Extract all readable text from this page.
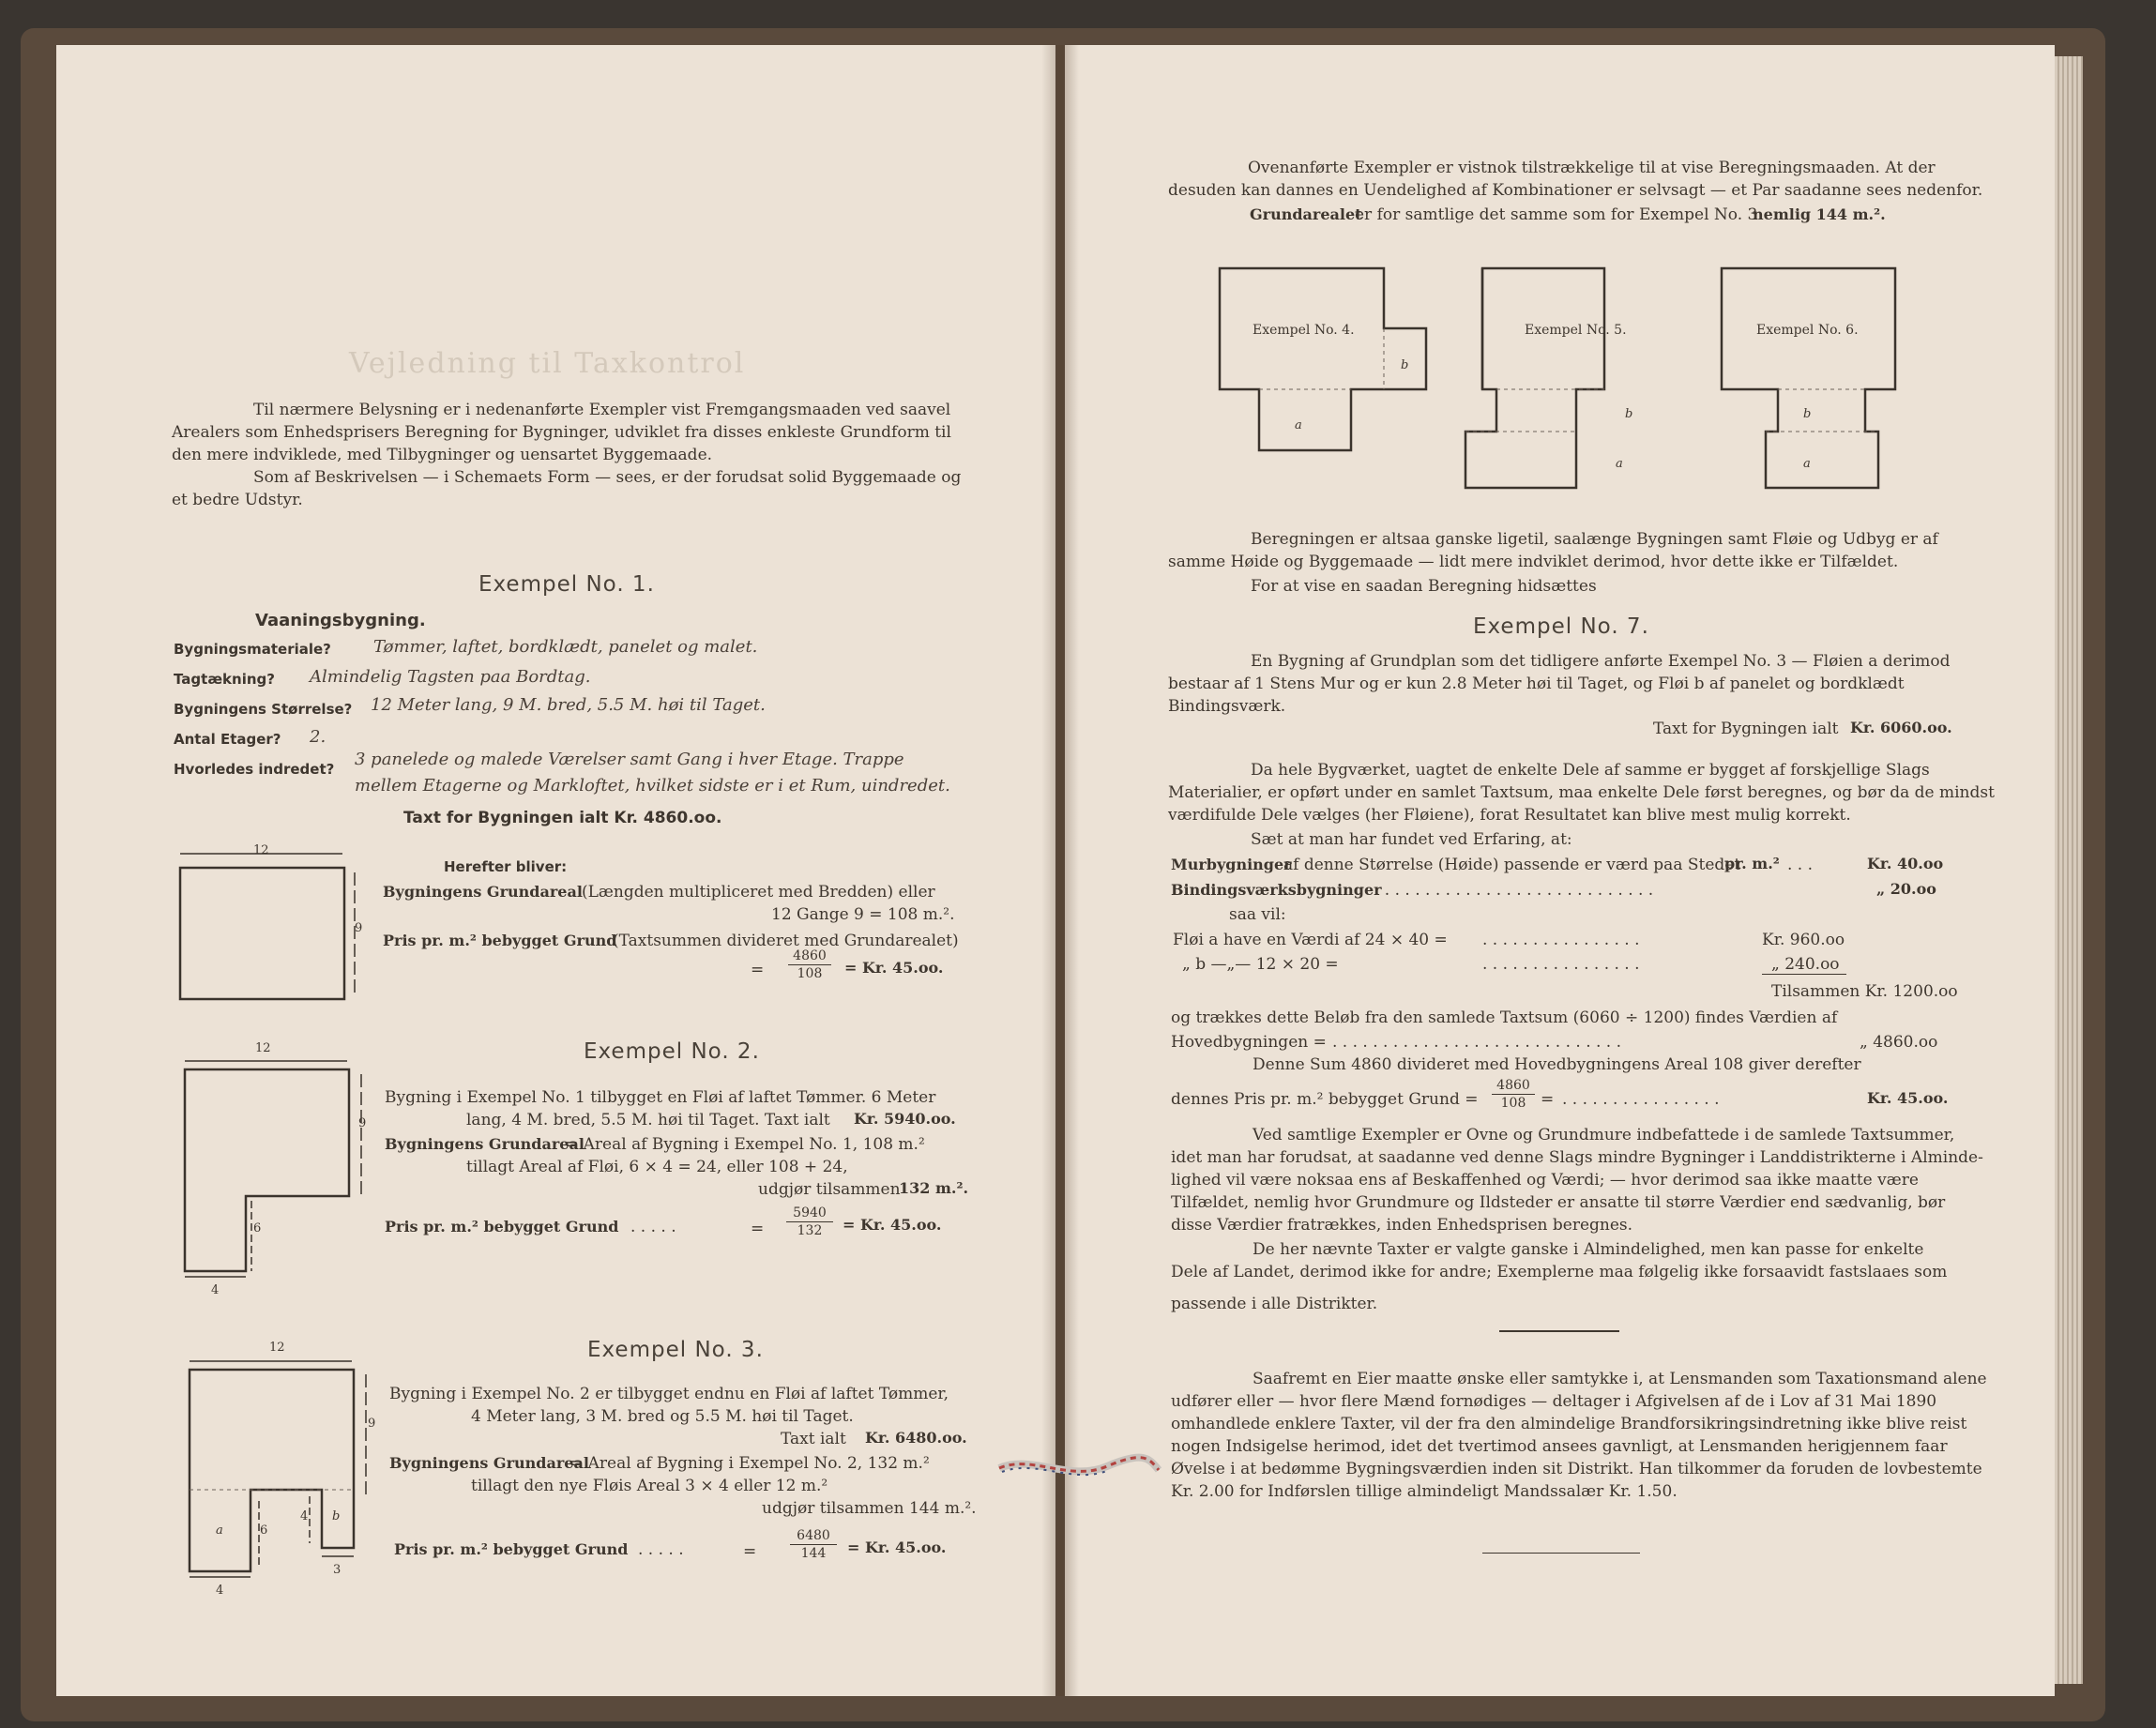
Vejledning til Taxkontrol
Til nærmere Belysning er i nedenanførte Exempler vist Fremgangsmaaden ved saavel
Arealers som Enhedsprisers Beregning for Bygninger, udviklet fra disses enkleste Grundform til
den mere indviklede, med Tilbygninger og uensartet Byggemaade.
Som af Beskrivelsen — i Schemaets Form — sees, er der forudsat solid Byggemaade og
et bedre Udstyr.
Exempel No. 1.
Vaaningsbygning.
Bygningsmateriale?	Tømmer, laftet, bordklædt, panelet og malet.
Tagtækning? Almindelig Tagsten paa Bordtag.
Bygningens Størrelse? 12 Meter lang, 9 M. bred, 5.5 M. høi til Taget.
Antal Etager? 2.
Hvorledes indredet? 3 panelede og malede Værelser samt Gang i hver Etage. Trappe
mellem Etagerne og Markloftet, hvilket sidste er i et Rum, uindredet.
Taxt for Bygningen ialt Kr. 4860.oo.
12
9
Herefter bliver:
Bygningens Grundareal (Længden multipliceret med Bredden) eller
12 Gange 9 = 108 m.².
Pris pr. m.² bebygget Grund
(Taxtsummen divideret med Grundarealet)
= $\frac{4860}{108} = Kr$. 45.oo.
Exempel No. 2.
12
9
6
4
Bygning i Exempel No. 1 tilbygget en Fløi af laftet Tømmer. 6 Meter
lang, 4 M. bred, 5.5 M. høi til Taget. Taxt ialt Kr. 5940.oo.
Bygningens Grundareal
= Areal af Bygning i Exempel No. 1, 108 m.²
tillagt Areal af Fløi, 6 × 4 = 24, eller 108 + 24,
udgjør tilsammen
132 m.².
Pris pr. m.² bebygget Grund . . . . .	= $\frac{5940}{132} = Kr$. 45.oo.
Exempel No. 3.
12
9
a	6
4 b
3
4
Bygning i Exempel No. 2 er tilbygget endnu en Fløi af laftet Tømmer,
4 Meter lang, 3 M. bred og 5.5 M. høi til Taget.
Taxt ialt Kr. 6480.oo.
Bygningens Grundareal
= Areal af Bygning i Exempel No. 2, 132 m.²
tillagt den nye Fløis Areal 3 × 4 eller 12 m.²
udgjør tilsammen 144 m.².
Pris pr. m.² bebygget Grund . . . . .	=	$\frac{6480}{144} = Kr$. 45.oo.
Ovenanførte Exempler er vistnok tilstrækkelige til at vise Beregningsmaaden. At der
desuden kan dannes en Uendelighed af Kombinationer er selvsagt — et Par saadanne sees nedenfor.
Grundarealet
er for samtlige det samme som for Exempel No. 3
nemlig 144 m.².
Exempel No. 4.	Exempel No. 5.	Exempel No. 6.
b
a
b
a
b
a
Beregningen er altsaa ganske ligetil, saalænge Bygningen samt Fløie og Udbyg er af
samme Høide og Byggemaade — lidt mere indviklet derimod, hvor dette ikke er Tilfældet.
For at vise en saadan Beregning hidsættes
Exempel No. 7.
En Bygning af Grundplan som det tidligere anførte Exempel No. 3 — Fløien a derimod
bestaar af 1 Stens Mur og er kun 2.8 Meter høi til Taget, og Fløi b af panelet og bordklædt
Bindingsværk.
Taxt for Bygningen ialt Kr. 6060.oo.
Da hele Bygværket, uagtet de enkelte Dele af samme er bygget af forskjellige Slags
Materialier, er opført under en samlet Taxtsum, maa enkelte Dele først beregnes, og bør da de mindst
værdifulde Dele vælges (her Fløiene), forat Resultatet kan blive mest mulig korrekt.
Sæt at man har fundet ved Erfaring, at:
Murbygninger
af denne Størrelse (Høide) passende er værd paa Stedet
pr. m.² . . .	Kr. 40.oo
Bindingsværksbygninger
. . . . . . . . . . . . . . . . . . . . . . . . . . . .	„ 20.oo
saa vil:
Fløi a have en Værdi af 24 × 40 = . . . . . . . . . . . . . . . .	Kr. 960.oo
„ b —„— 12 × 20 =	. . . . . . . . . . . . . . . .	„ 240.oo
Tilsammen Kr. 1200.oo
og trækkes dette Beløb fra den samlede Taxtsum (6060 ÷ 1200) findes Værdien af
Hovedbygningen = . . . . . . . . . . . . . . . . . . . . . . . . . . . . .	„ 4860.oo
Denne Sum 4860 divideret med Hovedbygningens Areal 108 giver derefter
dennes Pris pr. m.² bebygget Grund = $\frac{4860}{108}$ = . . . . . . . . . . . . . . . .	Kr. 45.oo.
Ved samtlige Exempler er Ovne og Grundmure indbefattede i de samlede Taxtsummer,
idet man har forudsat, at saadanne ved denne Slags mindre Bygninger i Landdistrikterne i Alminde-
lighed vil være noksaa ens af Beskaffenhed og Værdi; — hvor derimod saa ikke maatte være
Tilfældet, nemlig hvor Grundmure og Ildsteder er ansatte til større Værdier end sædvanlig, bør
disse Værdier fratrækkes, inden Enhedsprisen beregnes.
De her nævnte Taxter er valgte ganske i Almindelighed, men kan passe for enkelte
Dele af Landet, derimod ikke for andre; Exemplerne maa følgelig ikke forsaavidt fastslaaes som
passende i alle Distrikter.
Saafremt en Eier maatte ønske eller samtykke i, at Lensmanden som Taxationsmand alene
udfører eller — hvor flere Mænd fornødiges — deltager i Afgivelsen af de i Lov af 31 Mai 1890
omhandlede enklere Taxter, vil der fra den almindelige Brandforsikringsindretning ikke blive reist
nogen Indsigelse herimod, idet det tvertimod ansees gavnligt, at Lensmanden herigjennem faar
Øvelse i at bedømme Bygningsværdien inden sit Distrikt. Han tilkommer da foruden de lovbestemte
Kr. 2.00 for Indførslen tillige almindeligt Mandssalær Kr. 1.50.
